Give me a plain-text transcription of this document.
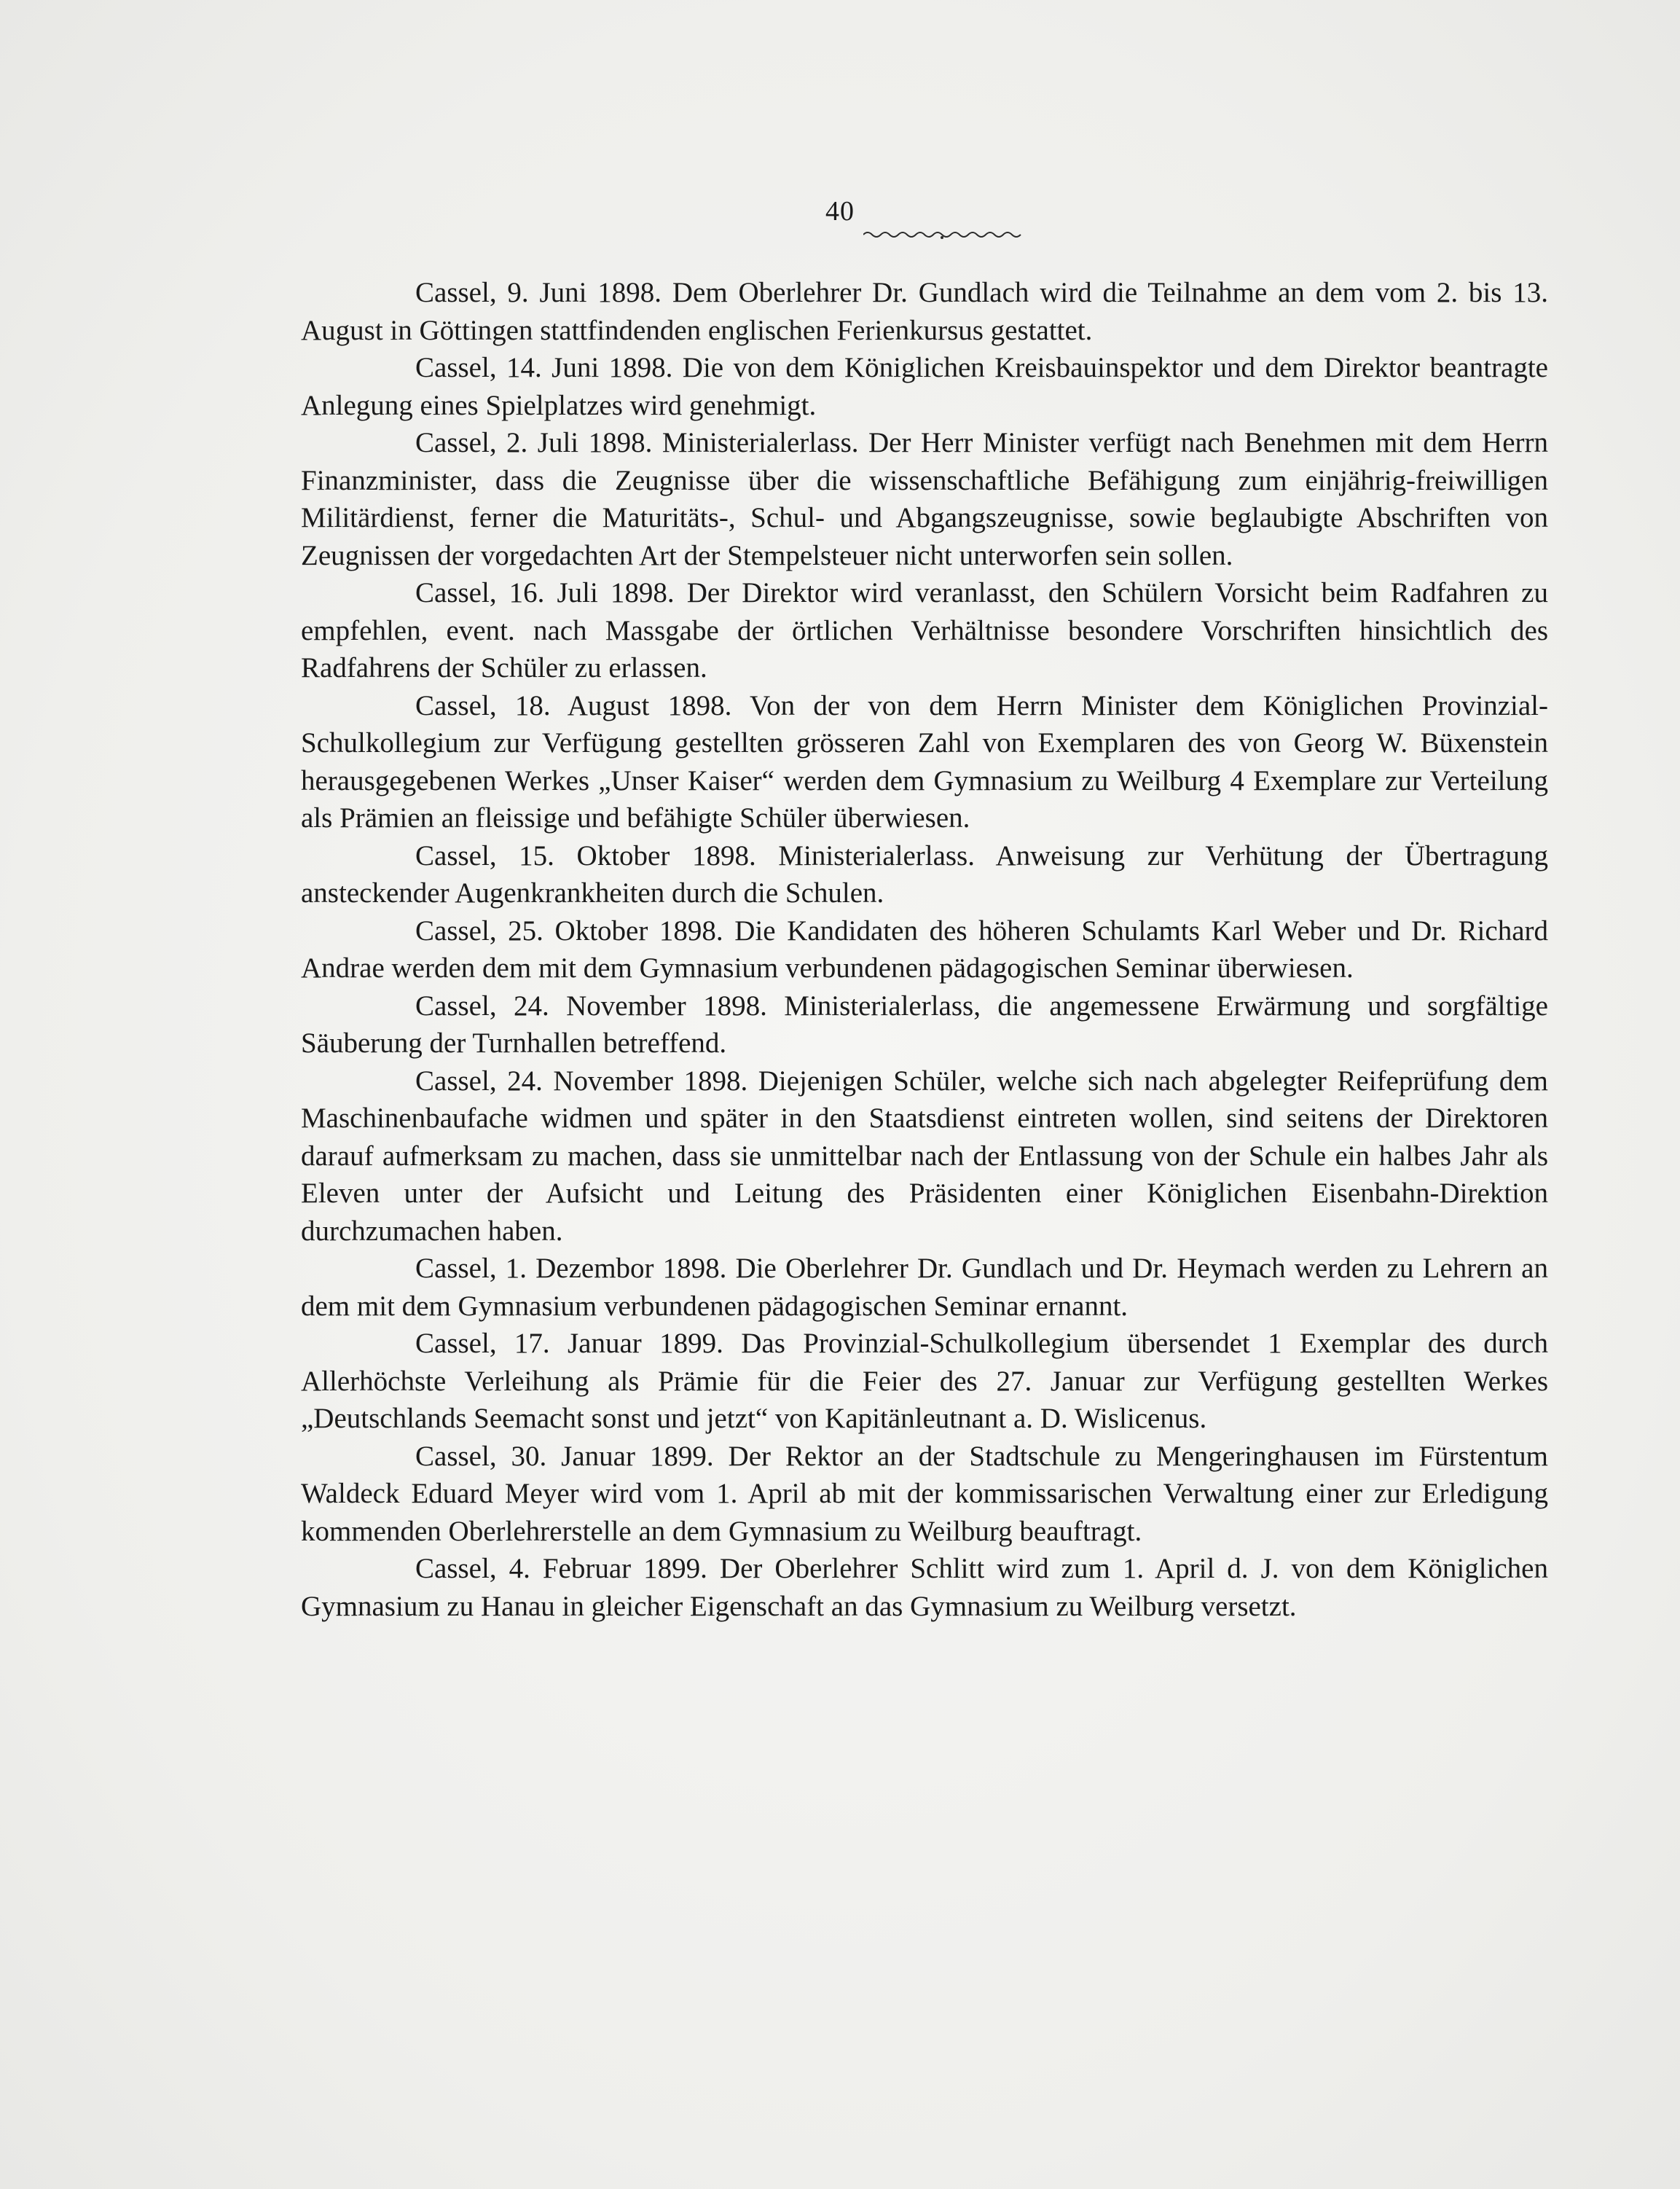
40

Cassel, 9. Juni 1898. Dem Oberlehrer Dr. Gundlach wird die Teilnahme an dem vom 2. bis 13. August in Göttingen stattfindenden englischen Ferienkursus gestattet.

Cassel, 14. Juni 1898. Die von dem Königlichen Kreisbauinspektor und dem Direktor beantragte Anlegung eines Spielplatzes wird genehmigt.

Cassel, 2. Juli 1898. Ministerialerlass. Der Herr Minister verfügt nach Benehmen mit dem Herrn Finanzminister, dass die Zeugnisse über die wissenschaftliche Befähigung zum einjährig-freiwilligen Militärdienst, ferner die Maturitäts-, Schul- und Abgangszeugnisse, sowie beglaubigte Abschriften von Zeugnissen der vorgedachten Art der Stempelsteuer nicht unterworfen sein sollen.

Cassel, 16. Juli 1898. Der Direktor wird veranlasst, den Schülern Vorsicht beim Radfahren zu empfehlen, event. nach Massgabe der örtlichen Verhältnisse besondere Vorschriften hinsichtlich des Radfahrens der Schüler zu erlassen.

Cassel, 18. August 1898. Von der von dem Herrn Minister dem Königlichen Provinzial-Schulkollegium zur Verfügung gestellten grösseren Zahl von Exemplaren des von Georg W. Büxenstein herausgegebenen Werkes „Unser Kaiser“ werden dem Gymnasium zu Weilburg 4 Exemplare zur Verteilung als Prämien an fleissige und befähigte Schüler überwiesen.

Cassel, 15. Oktober 1898. Ministerialerlass. Anweisung zur Verhütung der Übertragung ansteckender Augenkrankheiten durch die Schulen.

Cassel, 25. Oktober 1898. Die Kandidaten des höheren Schulamts Karl Weber und Dr. Richard Andrae werden dem mit dem Gymnasium verbundenen pädagogischen Seminar überwiesen.

Cassel, 24. November 1898. Ministerialerlass, die angemessene Erwärmung und sorgfältige Säuberung der Turnhallen betreffend.

Cassel, 24. November 1898. Diejenigen Schüler, welche sich nach abgelegter Reifeprüfung dem Maschinenbaufache widmen und später in den Staatsdienst eintreten wollen, sind seitens der Direktoren darauf aufmerksam zu machen, dass sie unmittelbar nach der Entlassung von der Schule ein halbes Jahr als Eleven unter der Aufsicht und Leitung des Präsidenten einer Königlichen Eisenbahn-Direktion durchzumachen haben.

Cassel, 1. Dezembor 1898. Die Oberlehrer Dr. Gundlach und Dr. Heymach werden zu Lehrern an dem mit dem Gymnasium verbundenen pädagogischen Seminar ernannt.

Cassel, 17. Januar 1899. Das Provinzial-Schulkollegium übersendet 1 Exemplar des durch Allerhöchste Verleihung als Prämie für die Feier des 27. Januar zur Verfügung gestellten Werkes „Deutschlands Seemacht sonst und jetzt“ von Kapitänleutnant a. D. Wislicenus.

Cassel, 30. Januar 1899. Der Rektor an der Stadtschule zu Mengeringhausen im Fürstentum Waldeck Eduard Meyer wird vom 1. April ab mit der kommissarischen Verwaltung einer zur Erledigung kommenden Oberlehrerstelle an dem Gymnasium zu Weilburg beauftragt.

Cassel, 4. Februar 1899. Der Oberlehrer Schlitt wird zum 1. April d. J. von dem Königlichen Gymnasium zu Hanau in gleicher Eigenschaft an das Gymnasium zu Weilburg versetzt.
